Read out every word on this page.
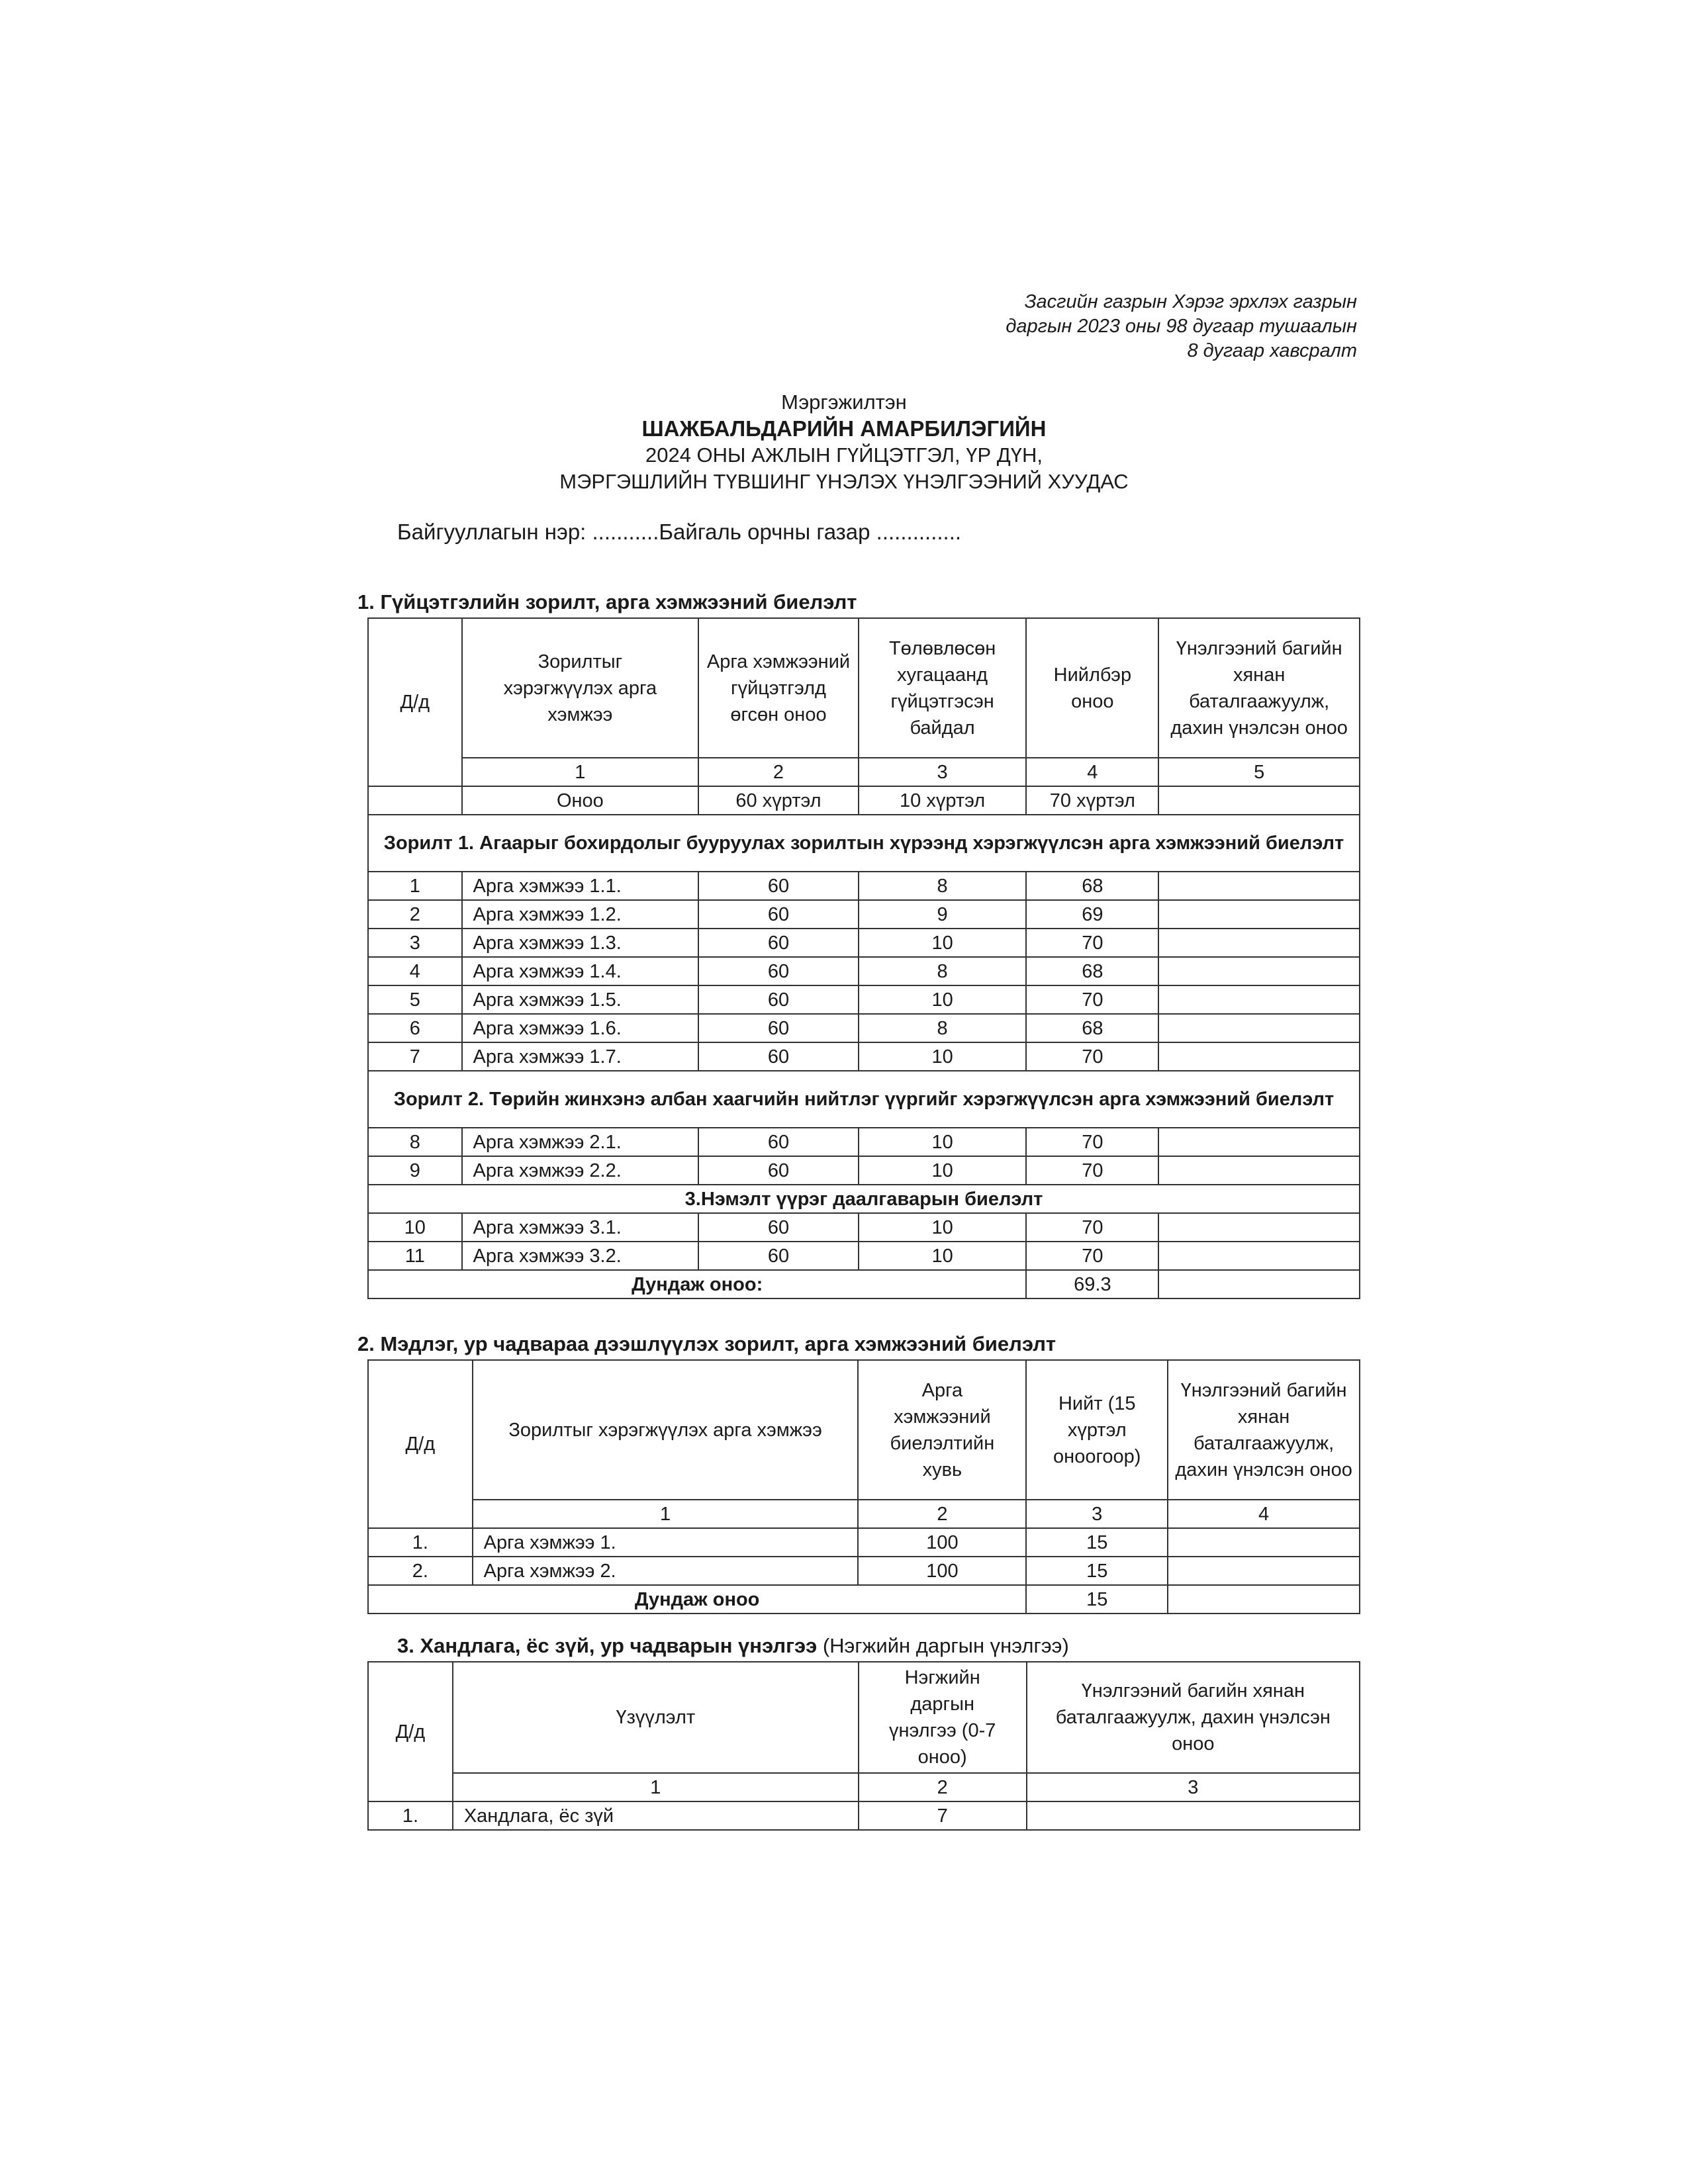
Засгийн газрын Хэрэг эрхлэх газрын
даргын 2023 оны 98 дугаар тушаалын
8 дугаар хавсралт
Мэргэжилтэн
ШАЖБАЛЬДАРИЙН АМАРБИЛЭГИЙН
2024 ОНЫ АЖЛЫН ГҮЙЦЭТГЭЛ, ҮР ДҮН,
МЭРГЭШЛИЙН ТҮВШИНГ ҮНЭЛЭХ ҮНЭЛГЭЭНИЙ ХУУДАС
Байгууллагын нэр: ...........Байгаль орчны газар ..............
1. Гүйцэтгэлийн зорилт, арга хэмжээний биелэлт
Д/д	Зорилтыг хэрэгжүүлэх арга хэмжээ	Арга хэмжээний гүйцэтгэлд өгсөн оноо	Төлөвлөсөн хугацаанд гүйцэтгэсэн байдал	Нийлбэр оноо	Үнэлгээний багийн хянан баталгаажуулж, дахин үнэлсэн оноо
	1	2	3	4	5
	Оноо	60 хүртэл	10 хүртэл	70 хүртэл	
Зорилт 1. Агаарыг бохирдолыг бууруулах зорилтын хүрээнд хэрэгжүүлсэн арга хэмжээний биелэлт					
1	Арга хэмжээ 1.1.	60	8	68	
2	Арга хэмжээ 1.2.	60	9	69	
3	Арга хэмжээ 1.3.	60	10	70	
4	Арга хэмжээ 1.4.	60	8	68	
5	Арга хэмжээ 1.5.	60	10	70	
6	Арга хэмжээ 1.6.	60	8	68	
7	Арга хэмжээ 1.7.	60	10	70	
Зорилт 2. Төрийн жинхэнэ албан хаагчийн нийтлэг үүргийг хэрэгжүүлсэн арга хэмжээний биелэлт					
8	Арга хэмжээ 2.1.	60	10	70	
9	Арга хэмжээ 2.2.	60	10	70	
3.Нэмэлт үүрэг даалгаварын биелэлт					
10	Арга хэмжээ 3.1.	60	10	70	
11	Арга хэмжээ 3.2.	60	10	70	
Дундаж оноо:				69.3	
2. Мэдлэг, ур чадвараа дээшлүүлэх зорилт, арга хэмжээний биелэлт
Д/д	Зорилтыг хэрэгжүүлэх арга хэмжээ	Арга хэмжээний биелэлтийн хувь	Нийт (15 хүртэл оноогоор)	Үнэлгээний багийн хянан баталгаажуулж, дахин үнэлсэн оноо
	1	2	3	4
1.	Арга хэмжээ 1.	100	15	
2.	Арга хэмжээ 2.	100	15	
Дундаж оноо			15	
3. Хандлага, ёс зүй, ур чадварын үнэлгээ (Нэгжийн даргын үнэлгээ)
Д/д	Үзүүлэлт	Нэгжийн даргын үнэлгээ (0-7 оноо)	Үнэлгээний багийн хянан баталгаажуулж, дахин үнэлсэн оноо
	1	2	3
1.	Хандлага, ёс зүй	7	
